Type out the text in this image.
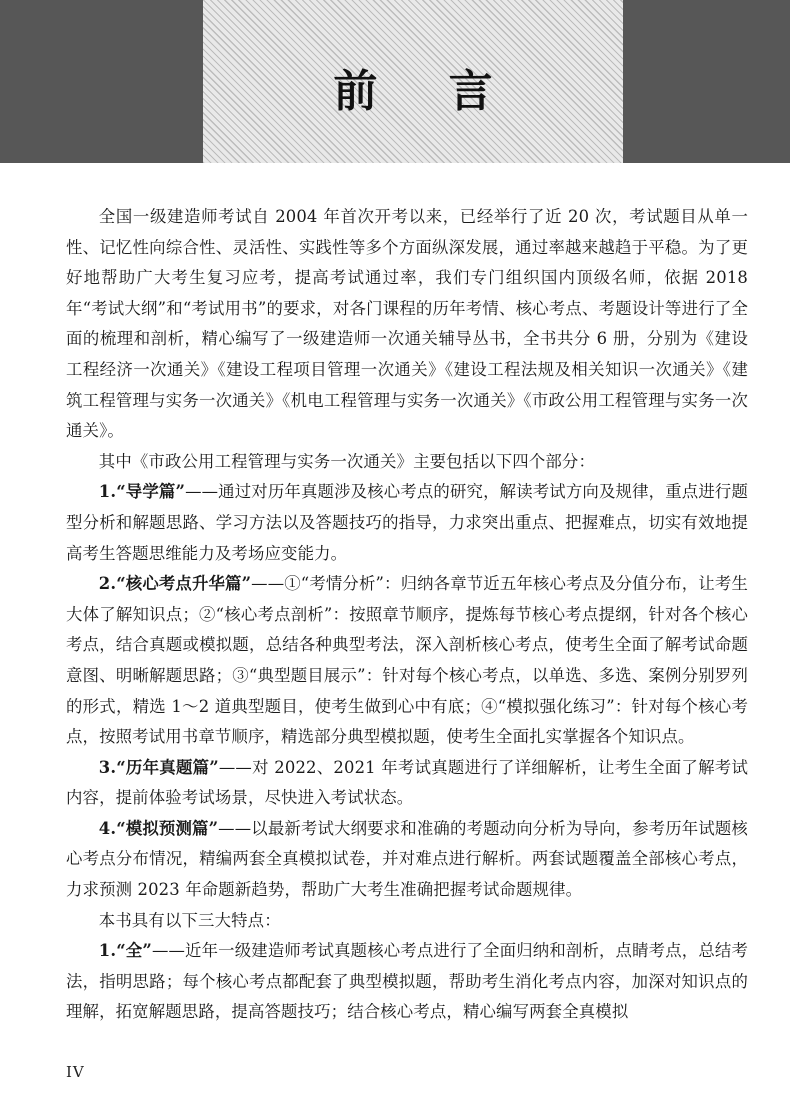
前 言

全国一级建造师考试自 2004 年首次开考以来，已经举行了近 20 次，考试题目从单一性、记忆性向综合性、灵活性、实践性等多个方面纵深发展，通过率越来越趋于平稳。为了更好地帮助广大考生复习应考，提高考试通过率，我们专门组织国内顶级名师，依据 2018 年“考试大纲”和“考试用书”的要求，对各门课程的历年考情、核心考点、考题设计等进行了全面的梳理和剖析，精心编写了一级建造师一次通关辅导丛书，全书共分 6 册，分别为《建设工程经济一次通关》《建设工程项目管理一次通关》《建设工程法规及相关知识一次通关》《建筑工程管理与实务一次通关》《机电工程管理与实务一次通关》《市政公用工程管理与实务一次通关》。

其中《市政公用工程管理与实务一次通关》主要包括以下四个部分：

1.“导学篇”——通过对历年真题涉及核心考点的研究，解读考试方向及规律，重点进行题型分析和解题思路、学习方法以及答题技巧的指导，力求突出重点、把握难点，切实有效地提高考生答题思维能力及考场应变能力。

2.“核心考点升华篇”——①“考情分析”：归纳各章节近五年核心考点及分值分布，让考生大体了解知识点；②“核心考点剖析”：按照章节顺序，提炼每节核心考点提纲，针对各个核心考点，结合真题或模拟题，总结各种典型考法，深入剖析核心考点，使考生全面了解考试命题意图、明晰解题思路；③“典型题目展示”：针对每个核心考点，以单选、多选、案例分别罗列的形式，精选 1～2 道典型题目，使考生做到心中有底；④“模拟强化练习”：针对每个核心考点，按照考试用书章节顺序，精选部分典型模拟题，使考生全面扎实掌握各个知识点。

3.“历年真题篇”——对 2022、2021 年考试真题进行了详细解析，让考生全面了解考试内容，提前体验考试场景，尽快进入考试状态。

4.“模拟预测篇”——以最新考试大纲要求和准确的考题动向分析为导向，参考历年试题核心考点分布情况，精编两套全真模拟试卷，并对难点进行解析。两套试题覆盖全部核心考点，力求预测 2023 年命题新趋势，帮助广大考生准确把握考试命题规律。

本书具有以下三大特点：

1.“全”——近年一级建造师考试真题核心考点进行了全面归纳和剖析，点睛考点，总结考法，指明思路；每个核心考点都配套了典型模拟题，帮助考生消化考点内容，加深对知识点的理解，拓宽解题思路，提高答题技巧；结合核心考点，精心编写两套全真模拟

IV
